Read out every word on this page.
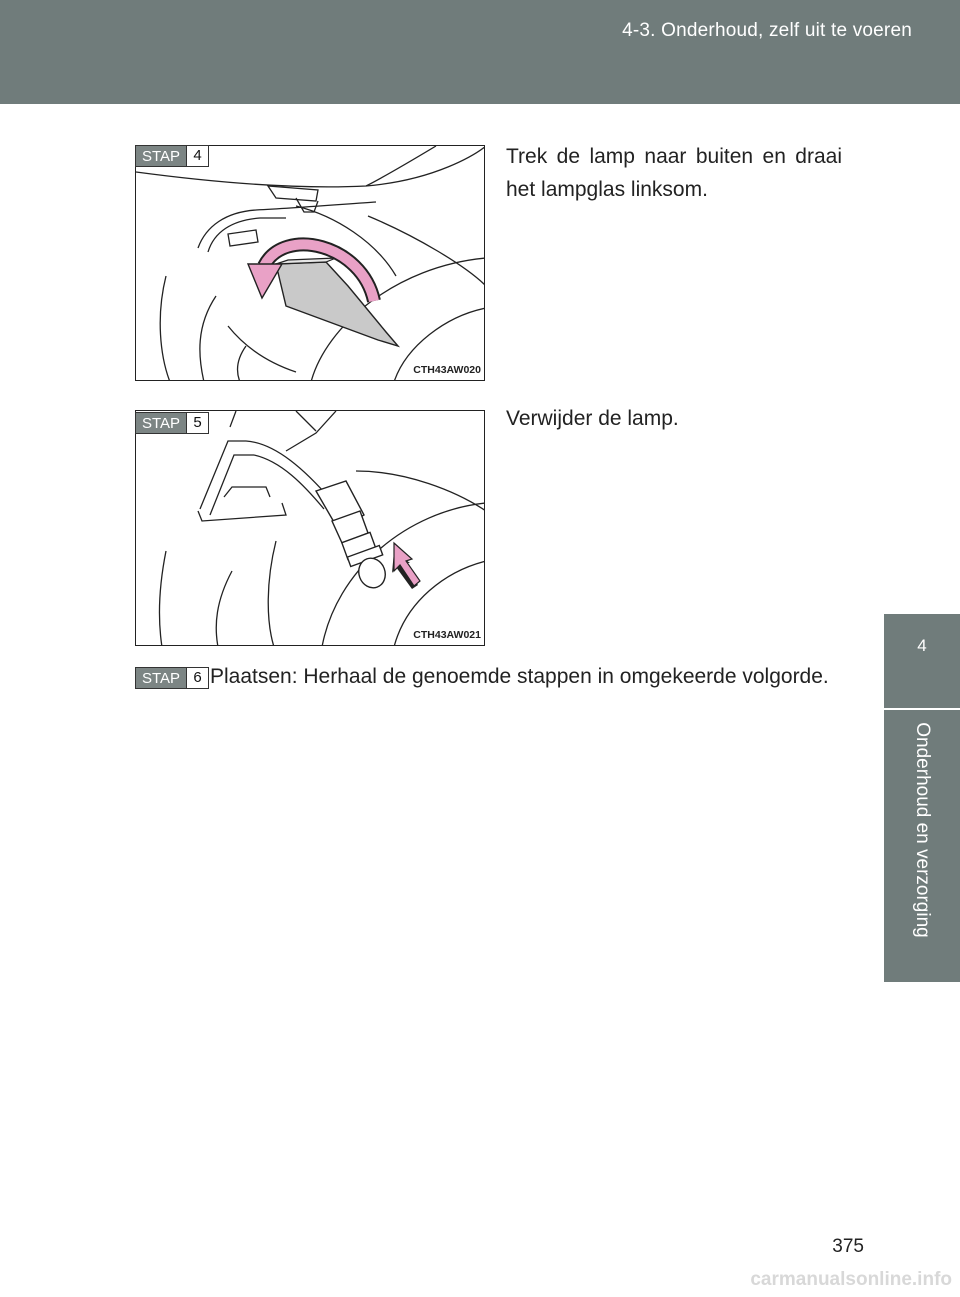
4-3. Onderhoud, zelf uit te voeren
4
Onderhoud en verzorging
CTH43AW020
STAP 4	Trek de lamp naar buiten en draai het lampglas linksom.
CTH43AW021
STAP 5	Verwijder de lamp.
STAP 6 Plaatsen: Herhaal de genoemde stappen in omgekeerde volgorde.
375
carmanualsonline.info
